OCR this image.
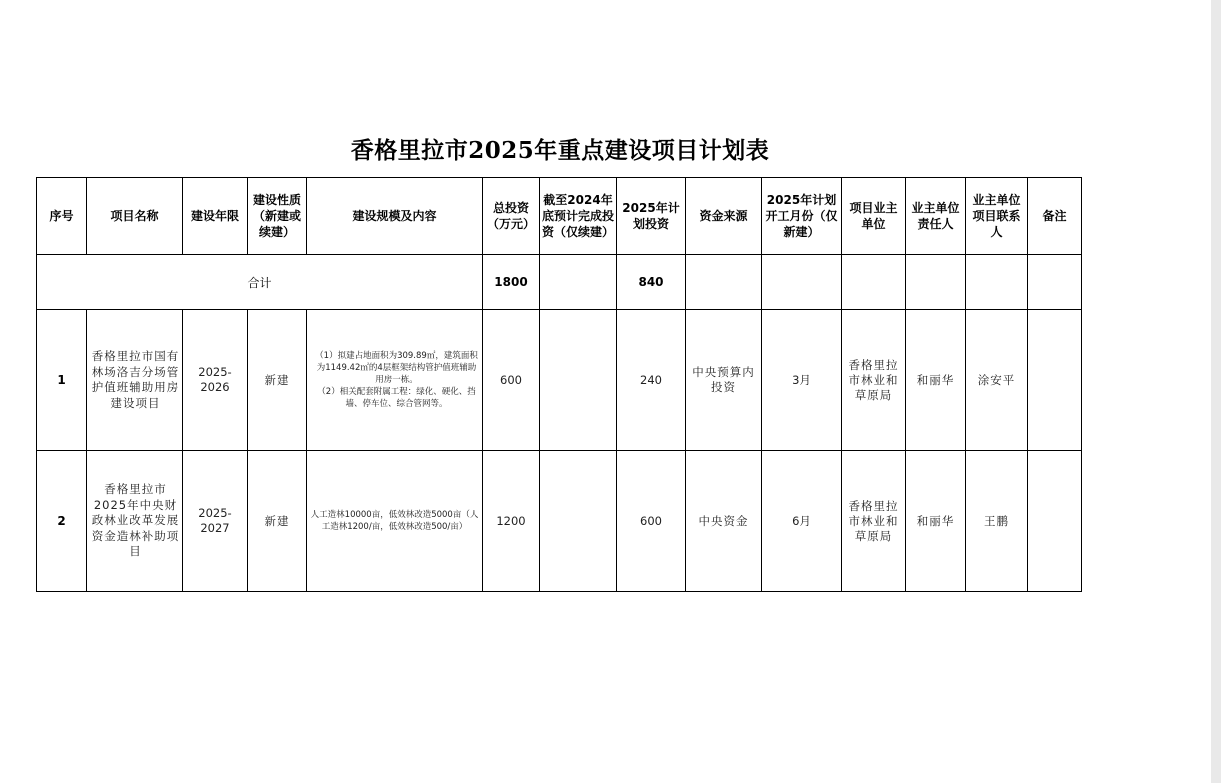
香格里拉市2025年重点建设项目计划表
序号	项目名称	建设年限	建设性质（新建或续建）	建设规模及内容	总投资（万元）	截至2024年底预计完成投资（仅续建）	2025年计划投资	资金来源	2025年计划开工月份（仅新建）	项目业主单位	业主单位责任人	业主单位项目联系人	备注
合计					1800		840						
1	香格里拉市国有林场洛吉分场管护值班辅助用房建设项目	2025-2026	新建	（1）拟建占地面积为309.89㎡，建筑面积为1149.42㎡的4层框架结构管护值班辅助用房一栋。
（2）相关配套附属工程：绿化、硬化、挡墙、停车位、综合管网等。	600		240	中央预算内投资	3月	香格里拉市林业和草原局	和丽华	涂安平	
2	香格里拉市2025年中央财政林业改革发展资金造林补助项目	2025-2027	新建	人工造林10000亩，低效林改造5000亩（人工造林1200/亩，低效林改造500/亩）	1200		600	中央资金	6月	香格里拉市林业和草原局	和丽华	王鹏	
